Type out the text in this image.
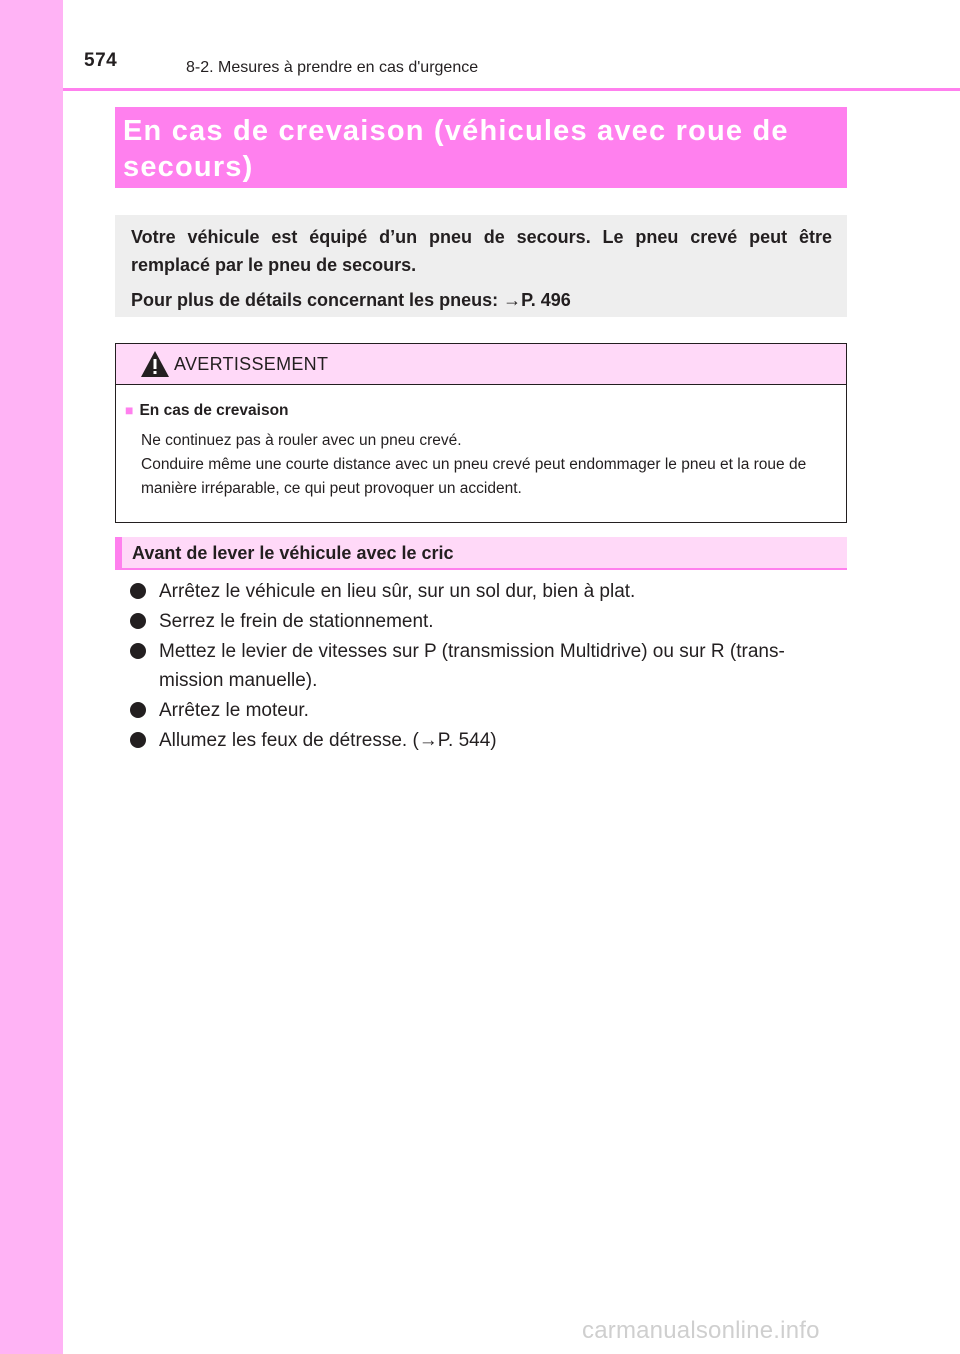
574	8-2. Mesures à prendre en cas d'urgence
En cas de crevaison (véhicules avec roue de secours)

Votre véhicule est équipé d’un pneu de secours. Le pneu crevé peut être remplacé par le pneu de secours.

Pour plus de détails concernant les pneus: →P. 496

AVERTISSEMENT
■ En cas de crevaison

Ne continuez pas à rouler avec un pneu crevé.

Conduire même une courte distance avec un pneu crevé peut endommager le pneu et la roue de manière irréparable, ce qui peut provoquer un accident.

Avant de lever le véhicule avec le cric
Arrêtez le véhicule en lieu sûr, sur un sol dur, bien à plat.
Serrez le frein de stationnement.
Mettez le levier de vitesses sur P (transmission Multidrive) ou sur R (trans-mission manuelle).
Arrêtez le moteur.
Allumez les feux de détresse. (→P. 544)
carmanualsonline.info
